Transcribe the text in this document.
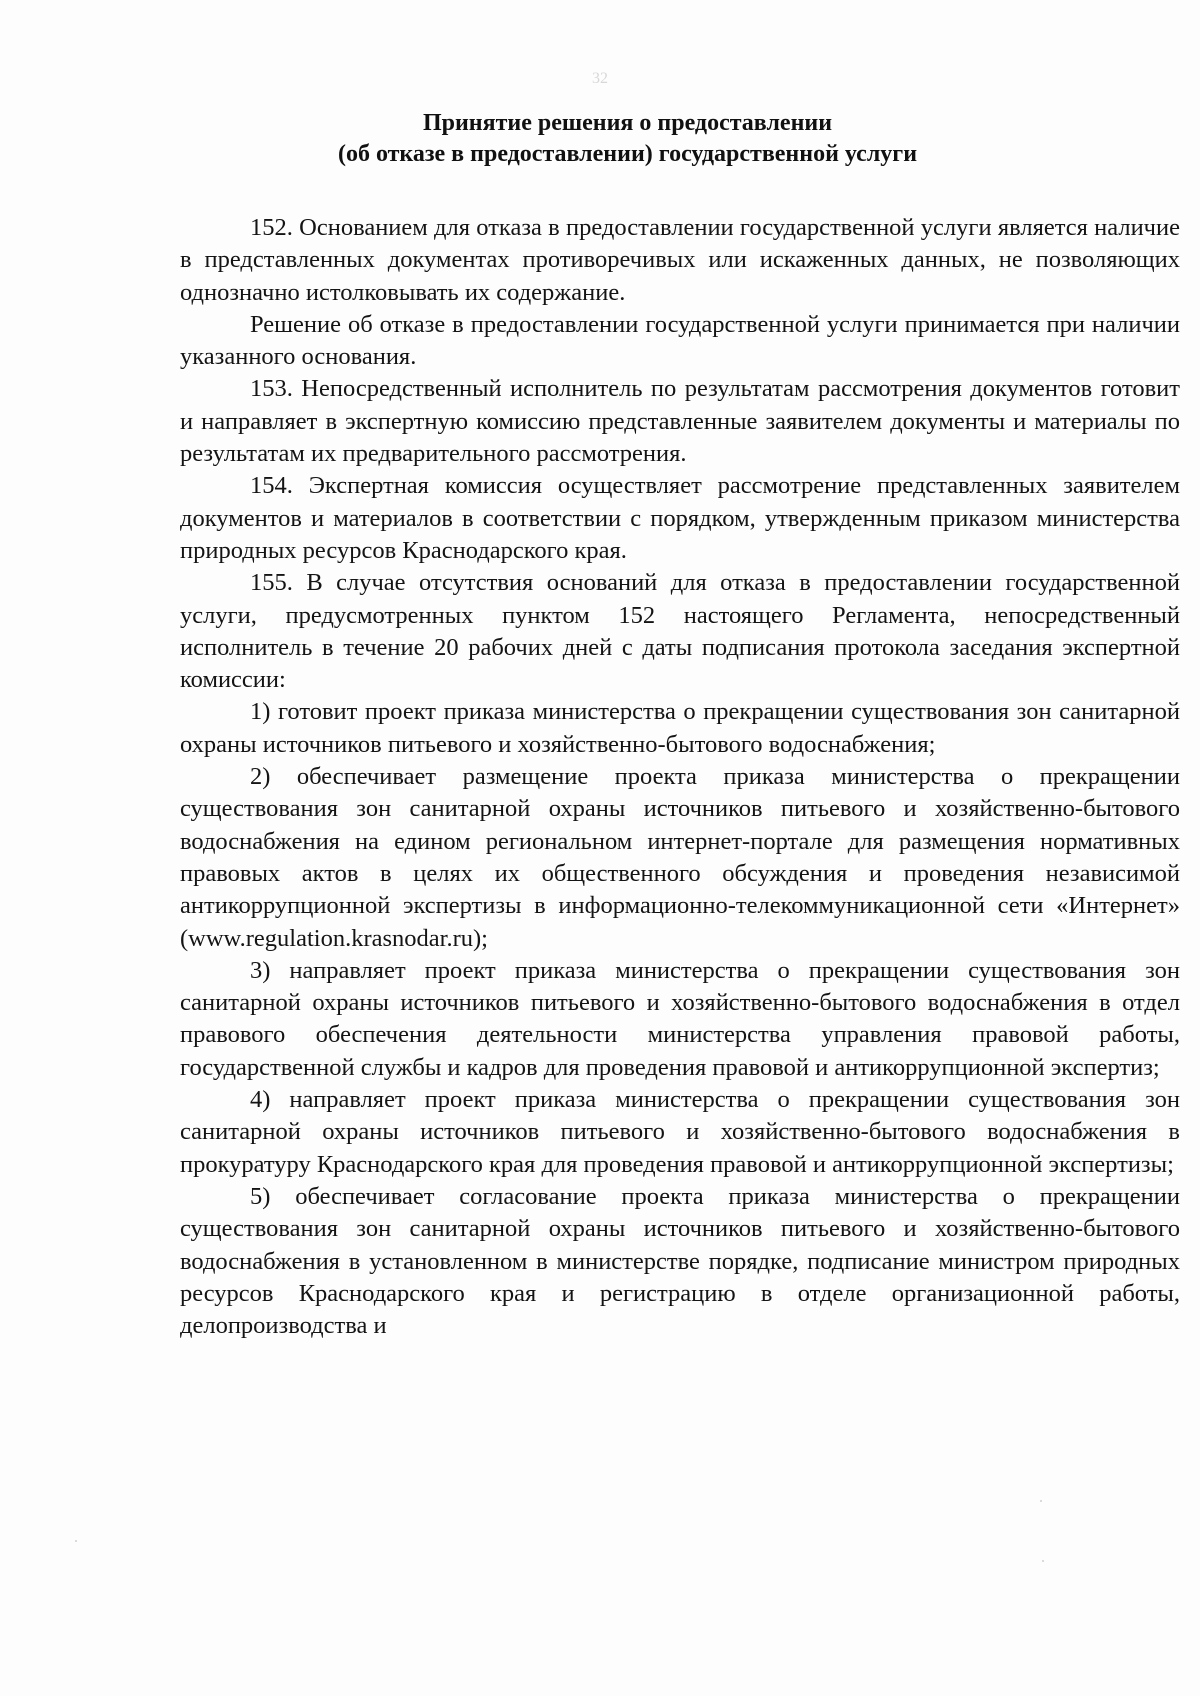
32
Принятие решения о предоставлении
(об отказе в предоставлении) государственной услуги

152. Основанием для отказа в предоставлении государственной услуги является наличие в представленных документах противоречивых или искаженных данных, не позволяющих однозначно истолковывать их содержание.

Решение об отказе в предоставлении государственной услуги принимается при наличии указанного основания.

153. Непосредственный исполнитель по результатам рассмотрения документов готовит и направляет в экспертную комиссию представленные заявителем документы и материалы по результатам их предварительного рассмотрения.

154. Экспертная комиссия осуществляет рассмотрение представленных заявителем документов и материалов в соответствии с порядком, утвержденным приказом министерства природных ресурсов Краснодарского края.

155. В случае отсутствия оснований для отказа в предоставлении государственной услуги, предусмотренных пунктом 152 настоящего Регламента, непосредственный исполнитель в течение 20 рабочих дней с даты подписания протокола заседания экспертной комиссии:

1) готовит проект приказа министерства о прекращении существования зон санитарной охраны источников питьевого и хозяйственно-бытового водоснабжения;

2) обеспечивает размещение проекта приказа министерства о прекращении существования зон санитарной охраны источников питьевого и хозяйственно-бытового водоснабжения на едином региональном интернет-портале для размещения нормативных правовых актов в целях их общественного обсуждения и проведения независимой антикоррупционной экспертизы в информационно-телекоммуникационной сети «Интернет» (www.regulation.krasnodar.ru);

3) направляет проект приказа министерства о прекращении существования зон санитарной охраны источников питьевого и хозяйственно-бытового водоснабжения в отдел правового обеспечения деятельности министерства управления правовой работы, государственной службы и кадров для проведения правовой и антикоррупционной экспертиз;

4) направляет проект приказа министерства о прекращении существования зон санитарной охраны источников питьевого и хозяйственно-бытового водоснабжения в прокуратуру Краснодарского края для проведения правовой и антикоррупционной экспертизы;

5) обеспечивает согласование проекта приказа министерства о прекращении существования зон санитарной охраны источников питьевого и хозяйственно-бытового водоснабжения в установленном в министерстве порядке, подписание министром природных ресурсов Краснодарского края и регистрацию в отделе организационной работы, делопроизводства и
